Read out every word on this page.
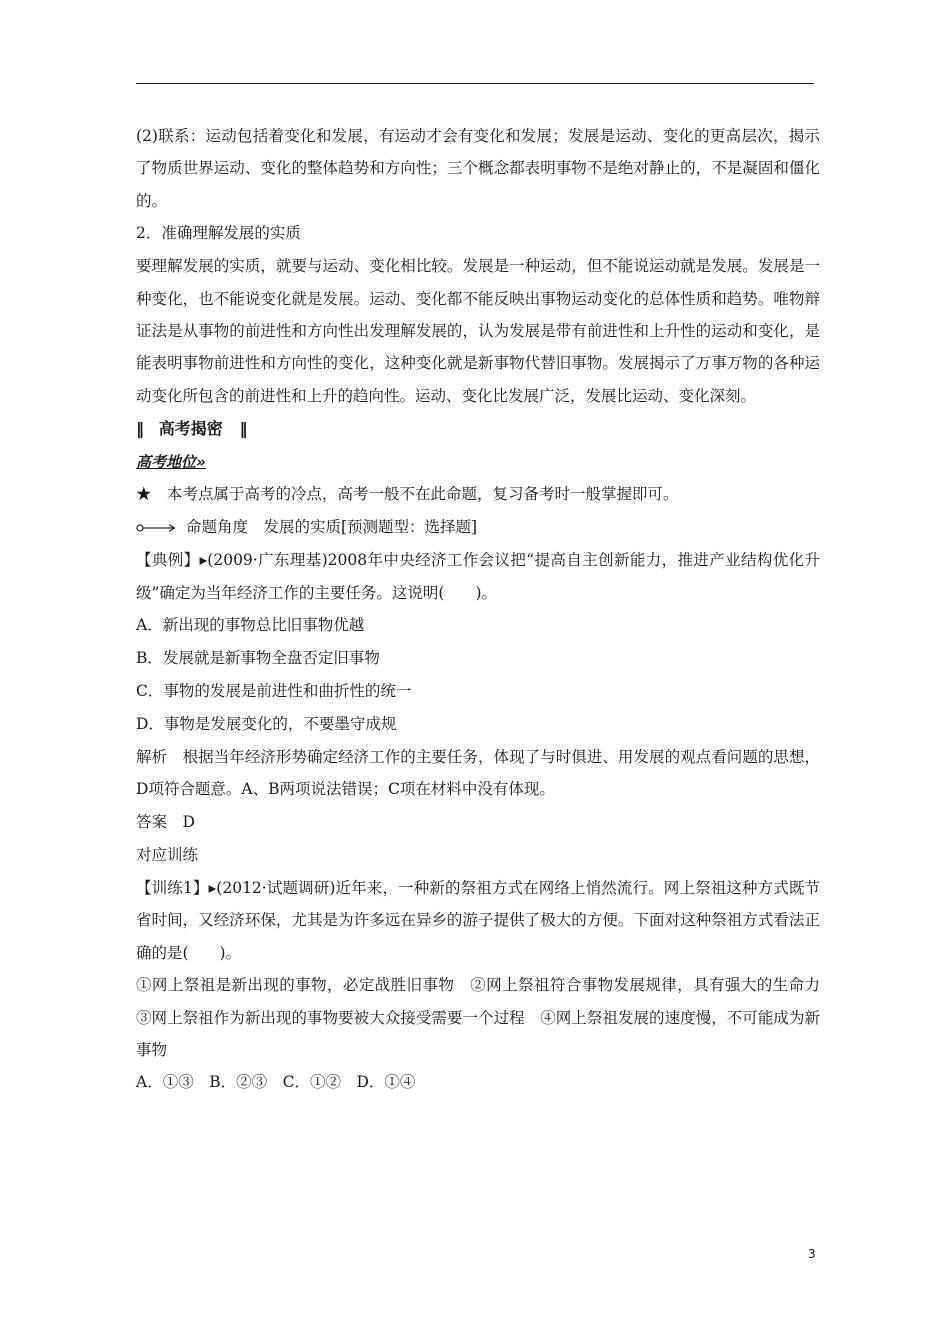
(2)联系：运动包括着变化和发展，有运动才会有变化和发展；发展是运动、变化的更高层次，揭示了物质世界运动、变化的整体趋势和方向性；三个概念都表明事物不是绝对静止的，不是凝固和僵化的。

2．准确理解发展的实质

要理解发展的实质，就要与运动、变化相比较。发展是一种运动，但不能说运动就是发展。发展是一种变化，也不能说变化就是发展。运动、变化都不能反映出事物运动变化的总体性质和趋势。唯物辩证法是从事物的前进性和方向性出发理解发展的，认为发展是带有前进性和上升性的运动和变化，是能表明事物前进性和方向性的变化，这种变化就是新事物代替旧事物。发展揭示了万事万物的各种运动变化所包含的前进性和上升的趋向性。运动、变化比发展广泛，发展比运动、变化深刻。

‖ 高考揭密 ‖

高考地位»

★　本考点属于高考的冷点，高考一般不在此命题，复习备考时一般掌握即可。

命题角度　发展的实质[预测题型：选择题]

【典例】▸(2009·广东理基)2008年中央经济工作会议把“提高自主创新能力，推进产业结构优化升级”确定为当年经济工作的主要任务。这说明(　　)。

A．新出现的事物总比旧事物优越

B．发展就是新事物全盘否定旧事物

C．事物的发展是前进性和曲折性的统一

D．事物是发展变化的，不要墨守成规

解析　根据当年经济形势确定经济工作的主要任务，体现了与时俱进、用发展的观点看问题的思想，D项符合题意。A、B两项说法错误；C项在材料中没有体现。

答案　D

对应训练

【训练1】▸(2012·试题调研)近年来，一种新的祭祖方式在网络上悄然流行。网上祭祖这种方式既节省时间，又经济环保，尤其是为许多远在异乡的游子提供了极大的方便。下面对这种祭祖方式看法正确的是(　　)。

①网上祭祖是新出现的事物，必定战胜旧事物　②网上祭祖符合事物发展规律，具有强大的生命力　③网上祭祖作为新出现的事物要被大众接受需要一个过程　④网上祭祖发展的速度慢，不可能成为新事物

A．①③　B．②③　C．①②　D．①④

3
